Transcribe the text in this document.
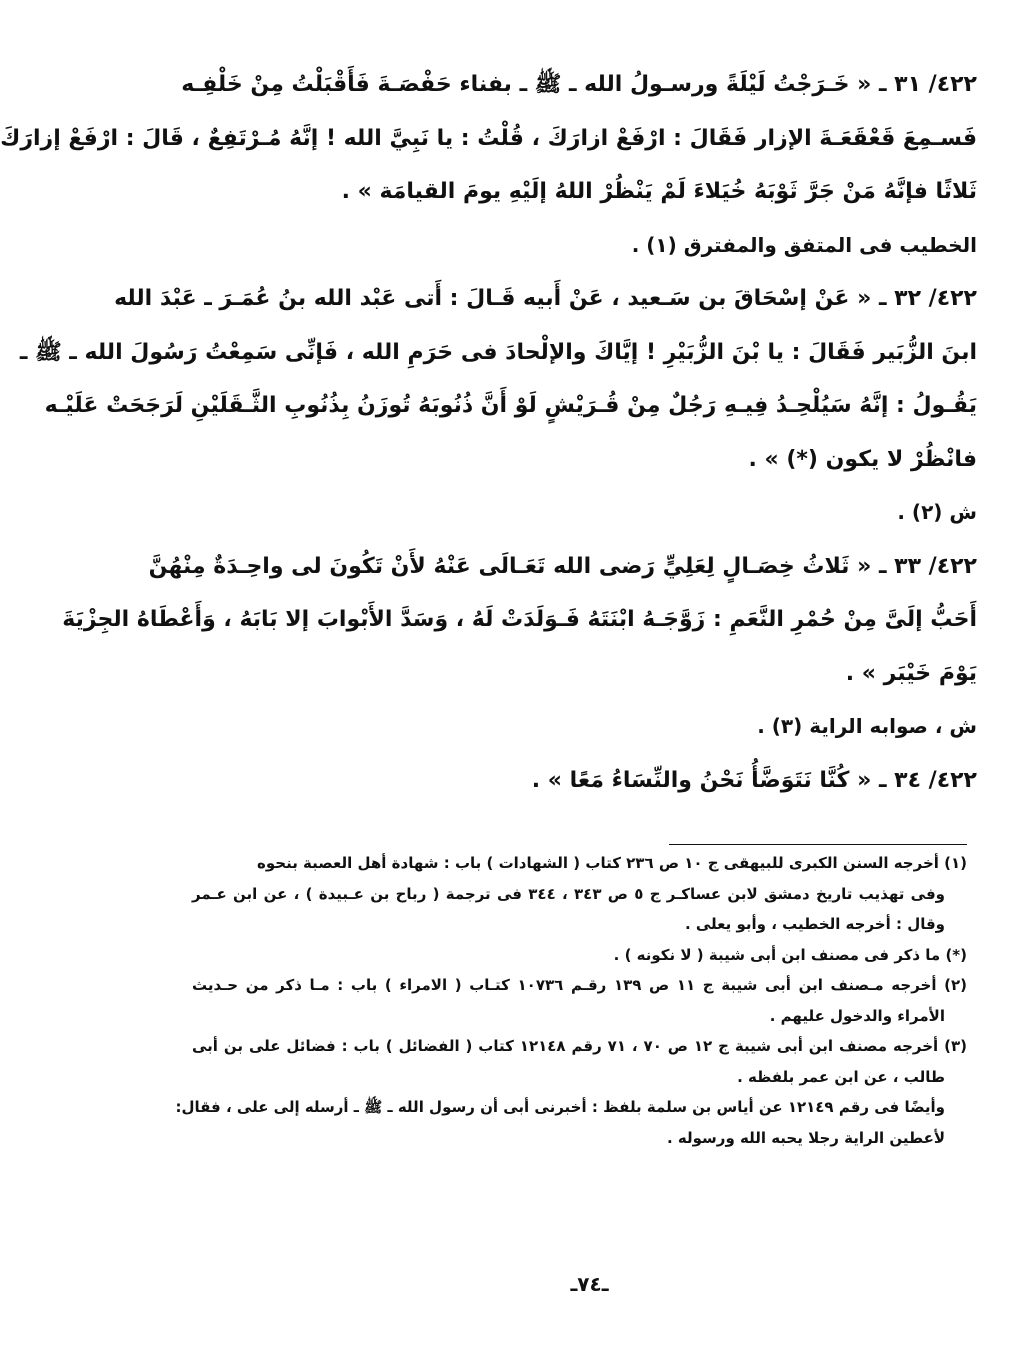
٤٢٢/ ٣١ ـ « خَـرَجْتُ لَيْلَةً ورسـولُ الله ـ ﷺ ـ بفناء حَفْصَـةَ فَأَقْبَلْتُ مِنْ خَلْفِـه
فَسـمِعَ قَعْقَعَـةَ الإزار فَقَالَ : ارْفَعْ ازارَكَ ، قُلْتُ : يا نَبِيَّ الله ! إنَّهُ مُـرْتَفِعٌ ، قَالَ : ارْفَعْ إزارَكَ
ثَلاثًا فإنَّهُ مَنْ جَرَّ ثَوْبَهُ خُيَلاءَ لَمْ يَنْظُرْ اللهُ إلَيْهِ يومَ القيامَة » .
الخطيب فى المتفق والمفترق (١) .
٤٢٢/ ٣٢ ـ « عَنْ إسْحَاقَ بن سَـعيد ، عَنْ أَبيه قَـالَ : أَتى عَبْد الله بنُ عُمَـرَ ـ عَبْدَ الله
ابنَ الزُّبَير فَقَالَ : يا بْنَ الزُّبَيْرِ ! إيَّاكَ والإلْحادَ فى حَرَمِ الله ، فَإنِّى سَمِعْتُ رَسُولَ الله ـ ﷺ ـ
يَقُـولُ : إنَّهُ سَيُلْحِـدُ فِيـهِ رَجُلٌ مِنْ قُـرَيْشٍ لَوْ أَنَّ ذُنُوبَهُ تُوزَنُ بِذُنُوبِ الثَّـقَلَيْنِ لَرَجَحَتْ عَلَيْـه
فانْظُرْ لا يكون (*) » .
ش (٢) .
٤٢٢/ ٣٣ ـ « ثَلاثُ خِصَـالٍ لِعَلِيٍّ رَضى الله تَعَـالَى عَنْهُ لأَنْ تَكُونَ لى واحِـدَةٌ مِنْهُنَّ
أَحَبُّ إلَىَّ مِنْ حُمْرِ النَّعَمِ : زَوَّجَـهُ ابْنَتَهُ فَـوَلَدَتْ لَهُ ، وَسَدَّ الأَبْوابَ إلا بَابَهُ ، وَأَعْطَاهُ الجِزْيَةَ
يَوْمَ خَيْبَر » .
ش ، صوابه الراية (٣) .
٤٢٢/ ٣٤ ـ « كُنَّا نَتَوَضَّأُ نَحْنُ والنِّسَاءُ مَعًا » .
(١) أخرجه السنن الكبرى للبيهقى ج ١٠ ص ٢٣٦ كتاب ( الشهادات ) باب : شهادة أهل العصبة بنحوه
وفى تهذيب تاريخ دمشق لابن عساكـر ج ٥ ص ٣٤٣ ، ٣٤٤ فى ترجمة ( رباح بن عـبيدة ) ، عن ابن عـمر
وقال : أخرجه الخطيب ، وأبو يعلى .
(*) ما ذكر فى مصنف ابن أبى شيبة ( لا نكونه ) .
(٢) أخرجه مـصنف ابن أبى شيبة ج ١١ ص ١٣٩ رقـم ١٠٧٣٦ كتـاب ( الامراء ) باب : مـا ذكر من حـديث
الأمراء والدخول عليهم .
(٣) أخرجه مصنف ابن أبى شيبة ج ١٢ ص ٧٠ ، ٧١ رقم ١٢١٤٨ كتاب ( الفضائل ) باب : فضائل على بن أبى
طالب ، عن ابن عمر بلفظه .
وأيضًا فى رقم ١٢١٤٩ عن أياس بن سلمة بلفظ : أخبرنى أبى أن رسول الله ـ ﷺ ـ أرسله إلى على ، فقال:
لأعطين الراية رجلا يحبه الله ورسوله .
ـ٧٤ـ
